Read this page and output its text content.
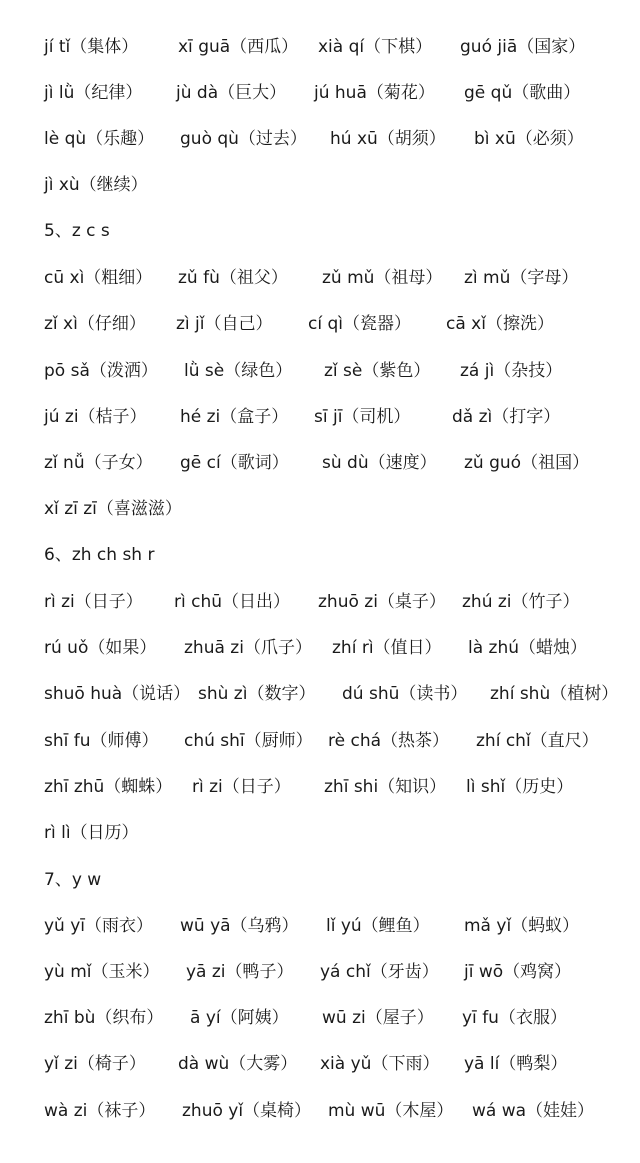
jí tǐ（集体） xī guā（西瓜） xià qí（下棋） guó jiā（国家）
jì lǜ（纪律） jù dà（巨大） jú huā（菊花） gē qǔ（歌曲）
lè qù（乐趣） guò qù（过去） hú xū（胡须） bì xū（必须）
jì xù（继续）
5、z c s
cū xì（粗细） zǔ fù（祖父） zǔ mǔ（祖母） zì mǔ（字母）
zǐ xì（仔细） zì jǐ（自己） cí qì（瓷器） cā xǐ（擦洗）
pō sǎ（泼洒） lǜ sè（绿色） zǐ sè（紫色） zá jì（杂技）
jú zi（桔子） hé zi（盒子） sī jī（司机） dǎ zì（打字）
zǐ nǚ（子女） gē cí（歌词） sù dù（速度） zǔ guó（祖国）
xǐ zī zī（喜滋滋）
6、zh ch sh r
rì zi（日子） rì chū（日出） zhuō zi（桌子） zhú zi（竹子）
rú uǒ（如果） zhuā zi（爪子） zhí rì（值日） là zhú（蜡烛）
shuō huà（说话） shù zì（数字） dú shū（读书） zhí shù（植树）
shī fu（师傅） chú shī（厨师） rè chá（热茶） zhí chǐ（直尺）
zhī zhū（蜘蛛） rì zi（日子） zhī shi（知识） lì shǐ（历史）
rì lì（日历）
7、y w
yǔ yī（雨衣） wū yā（乌鸦） lǐ yú（鲤鱼） mǎ yǐ（蚂蚁）
yù mǐ（玉米） yā zi（鸭子） yá chǐ（牙齿） jī wō（鸡窝）
zhī bù（织布） ā yí（阿姨） wū zi（屋子） yī fu（衣服）
yǐ zi（椅子） dà wù（大雾） xià yǔ（下雨） yā lí（鸭梨）
wà zi（袜子） zhuō yǐ（桌椅） mù wū（木屋） wá wa（娃娃）
